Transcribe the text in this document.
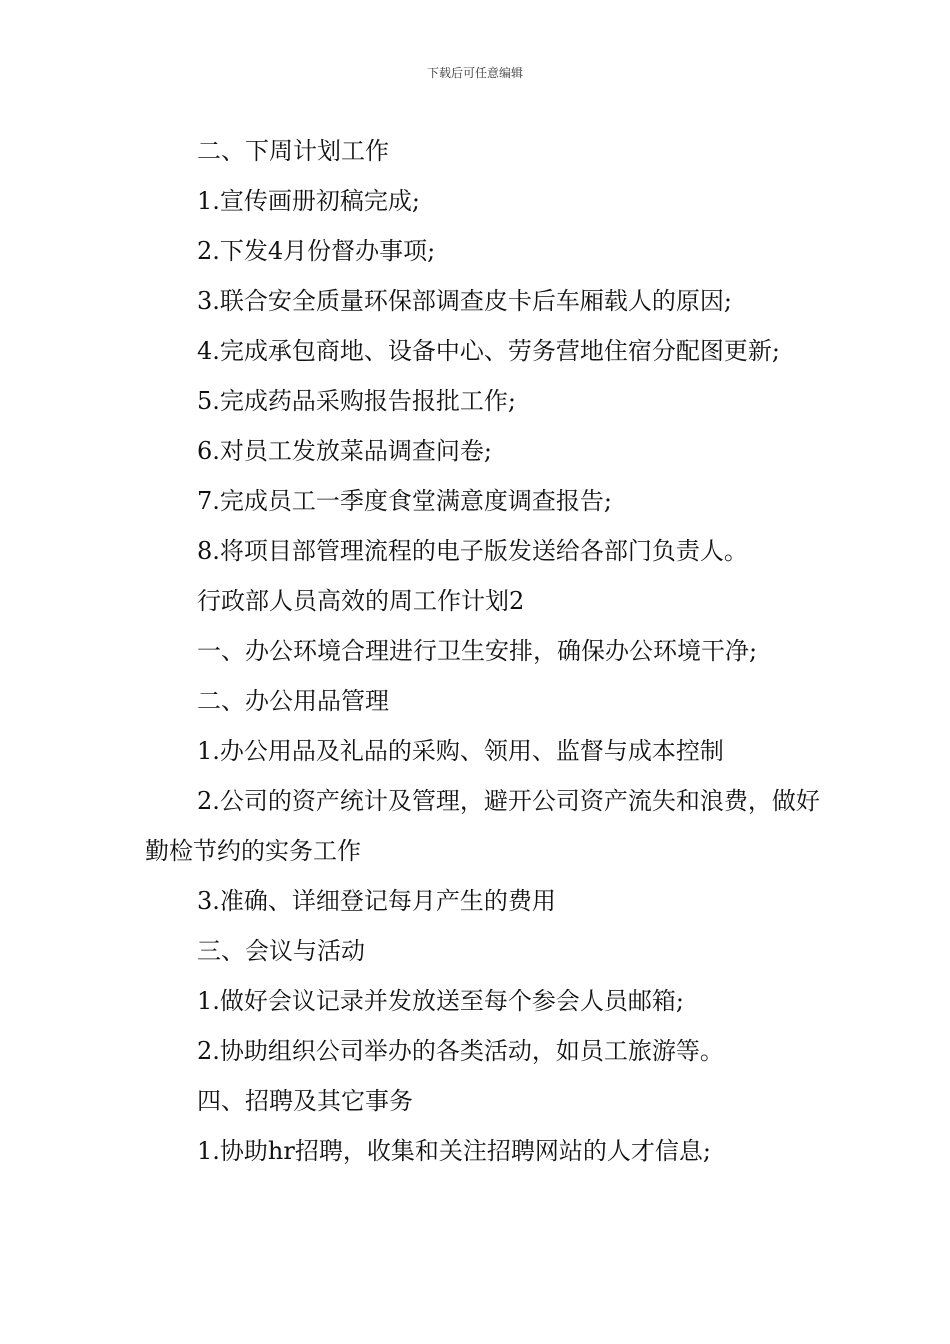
下载后可任意编辑

二、下周计划工作

1.宣传画册初稿完成;

2.下发4月份督办事项;

3.联合安全质量环保部调查皮卡后车厢载人的原因;

4.完成承包商地、设备中心、劳务营地住宿分配图更新;

5.完成药品采购报告报批工作;

6.对员工发放菜品调查问卷;

7.完成员工一季度食堂满意度调查报告;

8.将项目部管理流程的电子版发送给各部门负责人。

行政部人员高效的周工作计划2

一、办公环境合理进行卫生安排，确保办公环境干净;

二、办公用品管理

1.办公用品及礼品的采购、领用、监督与成本控制

2.公司的资产统计及管理，避开公司资产流失和浪费，做好勤检节约的实务工作

3.准确、详细登记每月产生的费用

三、会议与活动

1.做好会议记录并发放送至每个参会人员邮箱;

2.协助组织公司举办的各类活动，如员工旅游等。

四、招聘及其它事务

1.协助hr招聘，收集和关注招聘网站的人才信息;
